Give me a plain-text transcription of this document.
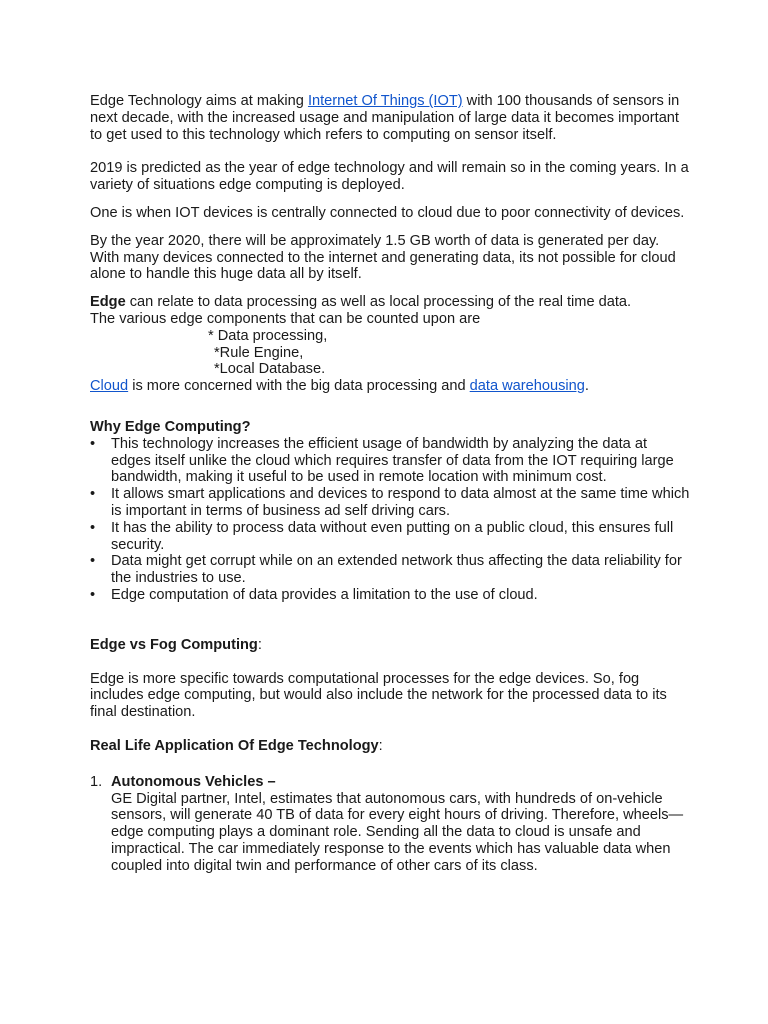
Edge Technology aims at making Internet Of Things (IOT) with 100 thousands of sensors in next decade, with the increased usage and manipulation of large data it becomes important to get used to this technology which refers to computing on sensor itself.

2019 is predicted as the year of edge technology and will remain so in the coming years. In a variety of situations edge computing is deployed.

One is when IOT devices is centrally connected to cloud due to poor connectivity of devices.

By the year 2020, there will be approximately 1.5 GB worth of data is generated per day. With many devices connected to the internet and generating data, its not possible for cloud alone to handle this huge data all by itself.

Edge can relate to data processing as well as local processing of the real time data.

The various edge components that can be counted upon are

* Data processing,

*Rule Engine,

*Local Database.

Cloud is more concerned with the big data processing and data warehousing.

Why Edge Computing?

• This technology increases the efficient usage of bandwidth by analyzing the data at edges itself unlike the cloud which requires transfer of data from the IOT requiring large bandwidth, making it useful to be used in remote location with minimum cost.
• It allows smart applications and devices to respond to data almost at the same time which is important in terms of business ad self driving cars.
• It has the ability to process data without even putting on a public cloud, this ensures full security.
• Data might get corrupt while on an extended network thus affecting the data reliability for the industries to use.
• Edge computation of data provides a limitation to the use of cloud.

Edge vs Fog Computing:

Edge is more specific towards computational processes for the edge devices. So, fog includes edge computing, but would also include the network for the processed data to its final destination.

Real Life Application Of Edge Technology:

1. Autonomous Vehicles –
GE Digital partner, Intel, estimates that autonomous cars, with hundreds of on-vehicle sensors, will generate 40 TB of data for every eight hours of driving. Therefore, wheels—edge computing plays a dominant role. Sending all the data to cloud is unsafe and impractical. The car immediately response to the events which has valuable data when coupled into digital twin and performance of other cars of its class.
